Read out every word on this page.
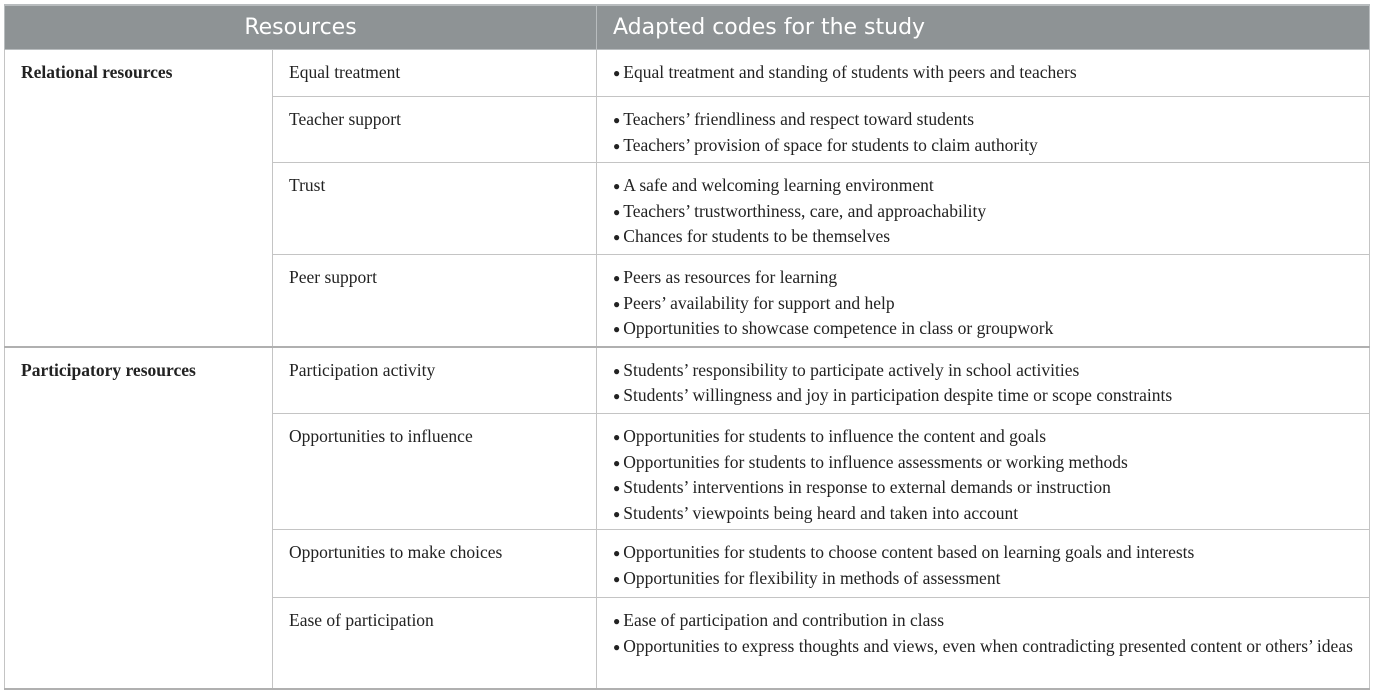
Resources		Adapted codes for the study
Relational resources	Equal treatment	● Equal treatment and standing of students with peers and teachers

	Teacher support	● Teachers’ friendliness and respect toward students
● Teachers’ provision of space for students to claim authority

	Trust	● A safe and welcoming learning environment
● Teachers’ trustworthiness, care, and approachability
● Chances for students to be themselves

	Peer support	● Peers as resources for learning
● Peers’ availability for support and help
● Opportunities to showcase competence in class or groupwork

Participatory resources	Participation activity	● Students’ responsibility to participate actively in school activities
● Students’ willingness and joy in participation despite time or scope constraints

	Opportunities to influence	● Opportunities for students to influence the content and goals
● Opportunities for students to influence assessments or working methods
● Students’ interventions in response to external demands or instruction
● Students’ viewpoints being heard and taken into account

	Opportunities to make choices	● Opportunities for students to choose content based on learning goals and interests
● Opportunities for flexibility in methods of assessment

	Ease of participation	● Ease of participation and contribution in class
● Opportunities to express thoughts and views, even when contradicting presented content or others’ ideas
